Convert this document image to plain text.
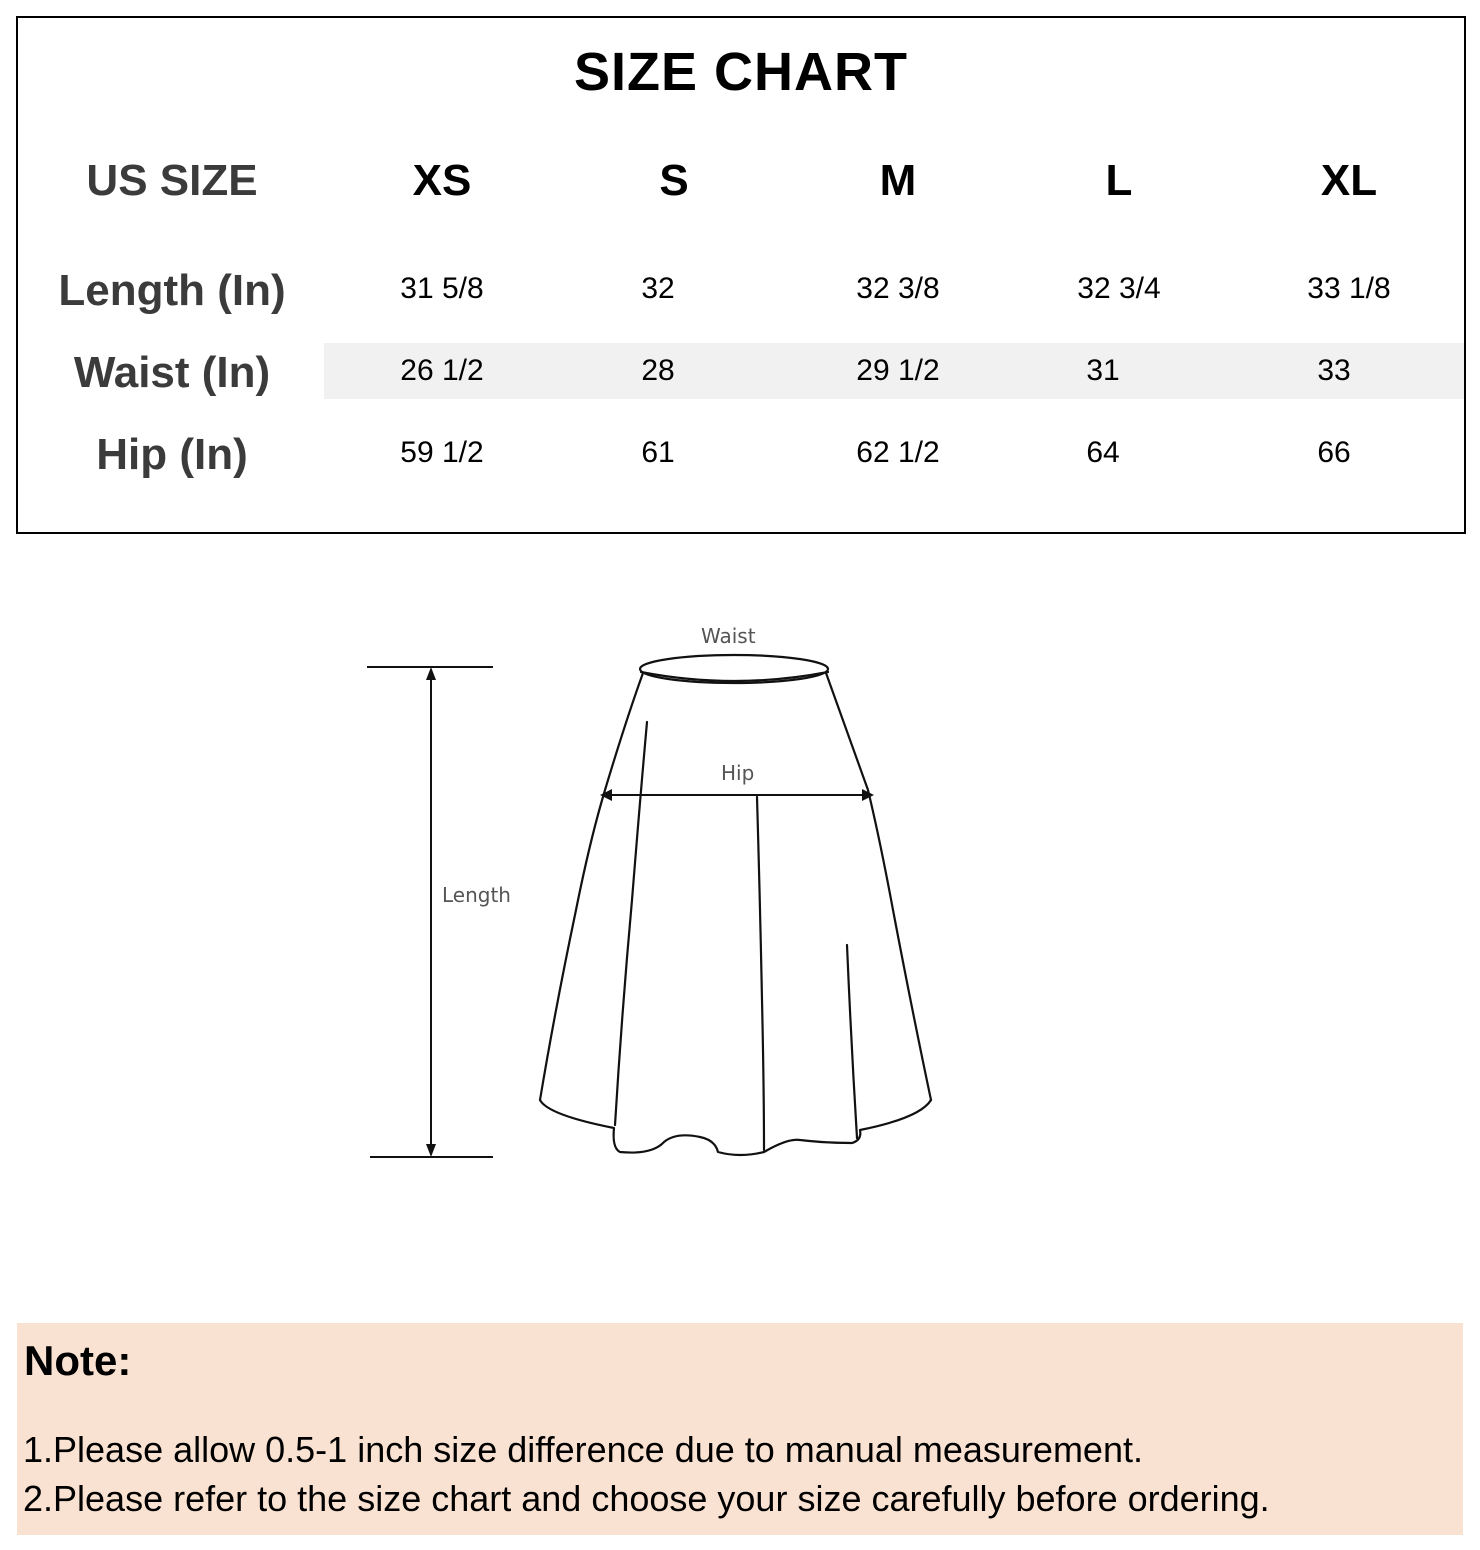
SIZE CHART
US SIZE	XS	S	M	L	XL
Length (In)	31 5/8	32	32 3/8	32 3/4	33 1/8
Waist (In)	26 1/2	28	29 1/2	31	33
Hip (In)	59 1/2	61	62 1/2	64	66
Length
Hip
Waist
Note:
1.Please allow 0.5-1 inch size difference due to manual measurement.
2.Please refer to the size chart and choose your size carefully before ordering.
